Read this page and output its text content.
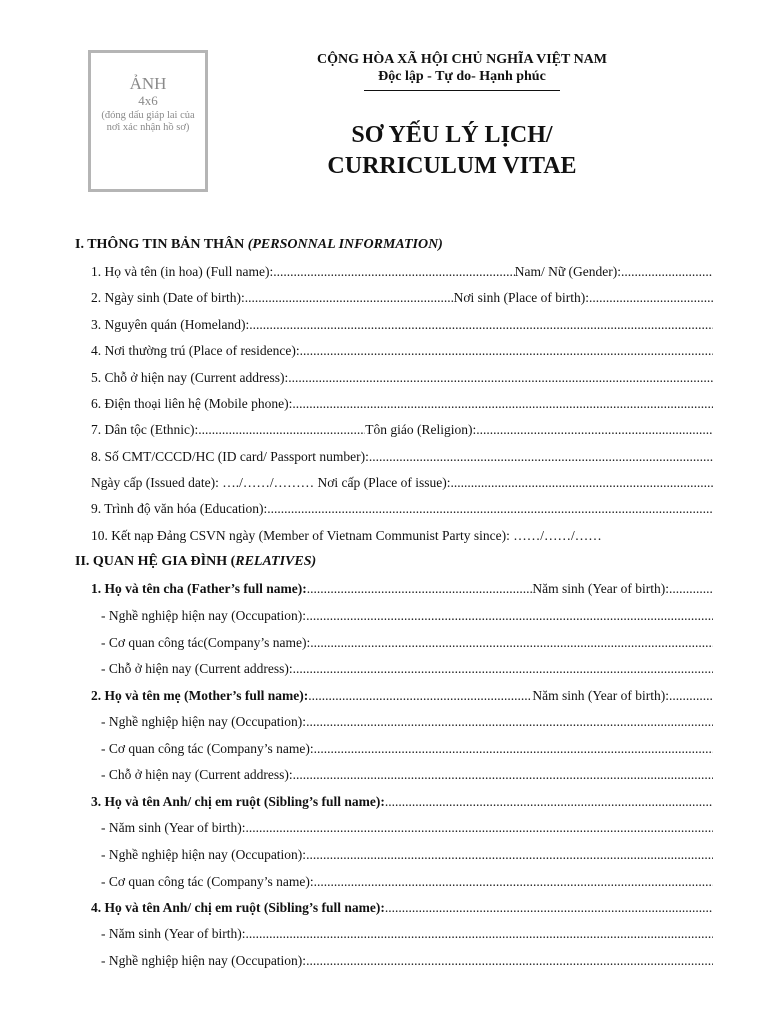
ẢNH
4x6
(đóng dấu giáp lai của nơi xác nhận hồ sơ)
CỘNG HÒA XÃ HỘI CHỦ NGHĨA VIỆT NAM
Độc lập - Tự do- Hạnh phúc
SƠ YẾU LÝ LỊCH/
CURRICULUM VITAE
I. THÔNG TIN BẢN THÂN (PERSONNAL INFORMATION)
1. Họ và tên (in hoa) (Full name): .....	Nam/ Nữ (Gender):
.....
2. Ngày sinh (Date of birth): .....	Nơi sinh (Place of birth):
.....
3. Nguyên quán (Homeland):
.....
4. Nơi thường trú (Place of residence):
.....
5. Chỗ ở hiện nay (Current address):
.....
6. Điện thoại liên hệ (Mobile phone):
.....
7. Dân tộc (Ethnic): .....	Tôn giáo (Religion):
.....
8. Số CMT/CCCD/HC (ID card/ Passport number):
.....
Ngày cấp (Issued date): …./……/……… Nơi cấp (Place of issue):
.....
9. Trình độ văn hóa (Education):
.....
10. Kết nạp Đảng CSVN ngày (Member of Vietnam Communist Party since): ……/……/……
II. QUAN HỆ GIA ĐÌNH (RELATIVES)
1. Họ và tên cha (Father’s full name): .....	Năm sinh (Year of birth):
.....
- Nghề nghiệp hiện nay (Occupation):
.....
- Cơ quan công tác(Company’s name):
.....
- Chỗ ở hiện nay (Current address):
.....
2. Họ và tên mẹ (Mother’s full name): .....	Năm sinh (Year of birth):
.....
- Nghề nghiệp hiện nay (Occupation):
.....
- Cơ quan công tác (Company’s name):
.....
- Chỗ ở hiện nay (Current address):
.....
3. Họ và tên Anh/ chị em ruột (Sibling’s full name):
.....
- Năm sinh (Year of birth):
.....
- Nghề nghiệp hiện nay (Occupation):
.....
- Cơ quan công tác (Company’s name):
.....
4. Họ và tên Anh/ chị em ruột (Sibling’s full name):
.....
- Năm sinh (Year of birth):
.....
- Nghề nghiệp hiện nay (Occupation):
.....
